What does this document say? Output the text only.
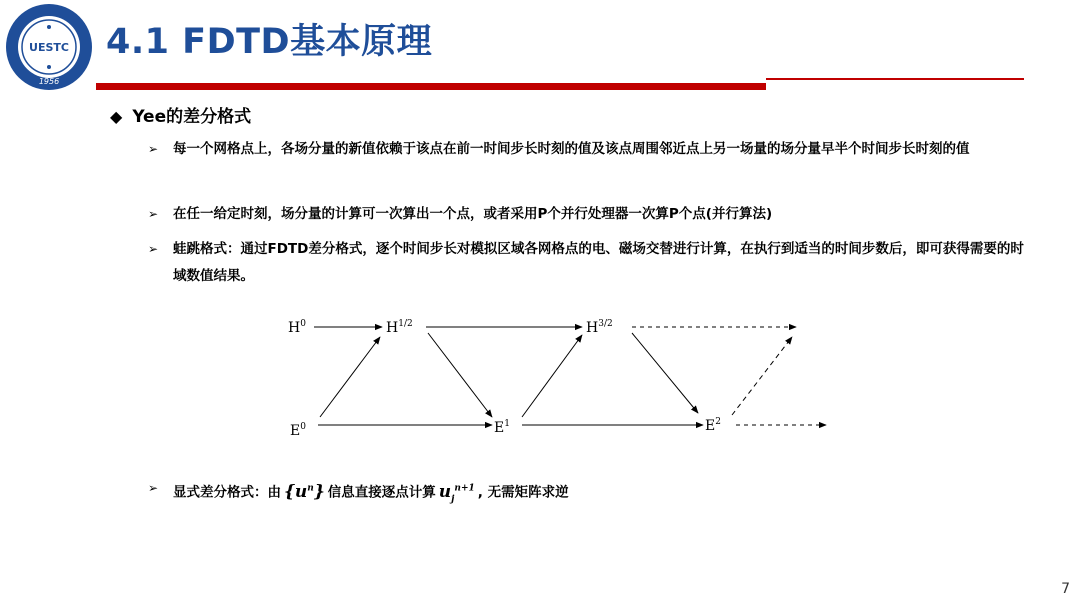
UESTC
1956
4.1 FDTD基本原理
◆ Yee的差分格式
➢ 每一个网格点上，各场分量的新值依赖于该点在前一时间步长时刻的值及该点周围邻近点上另一场量的场分量早半个时间步长时刻的值
➢ 在任一给定时刻，场分量的计算可一次算出一个点，或者采用P个并行处理器一次算P个点(并行算法)
➢ 蛙跳格式：通过FDTD差分格式，逐个时间步长对模拟区域各网格点的电、磁场交替进行计算，在执行到适当的时间步数后，即可获得需要的时域数值结果。
$H^0$	$H^{1/2}$	$H^{3/2}$
$E^0$	$E^1$	$E^2$
➢ 显式差分格式：由 $\{u^n\}$ 信息直接逐点计算 $u_j^{n+1}$ , 无需矩阵求逆
7
